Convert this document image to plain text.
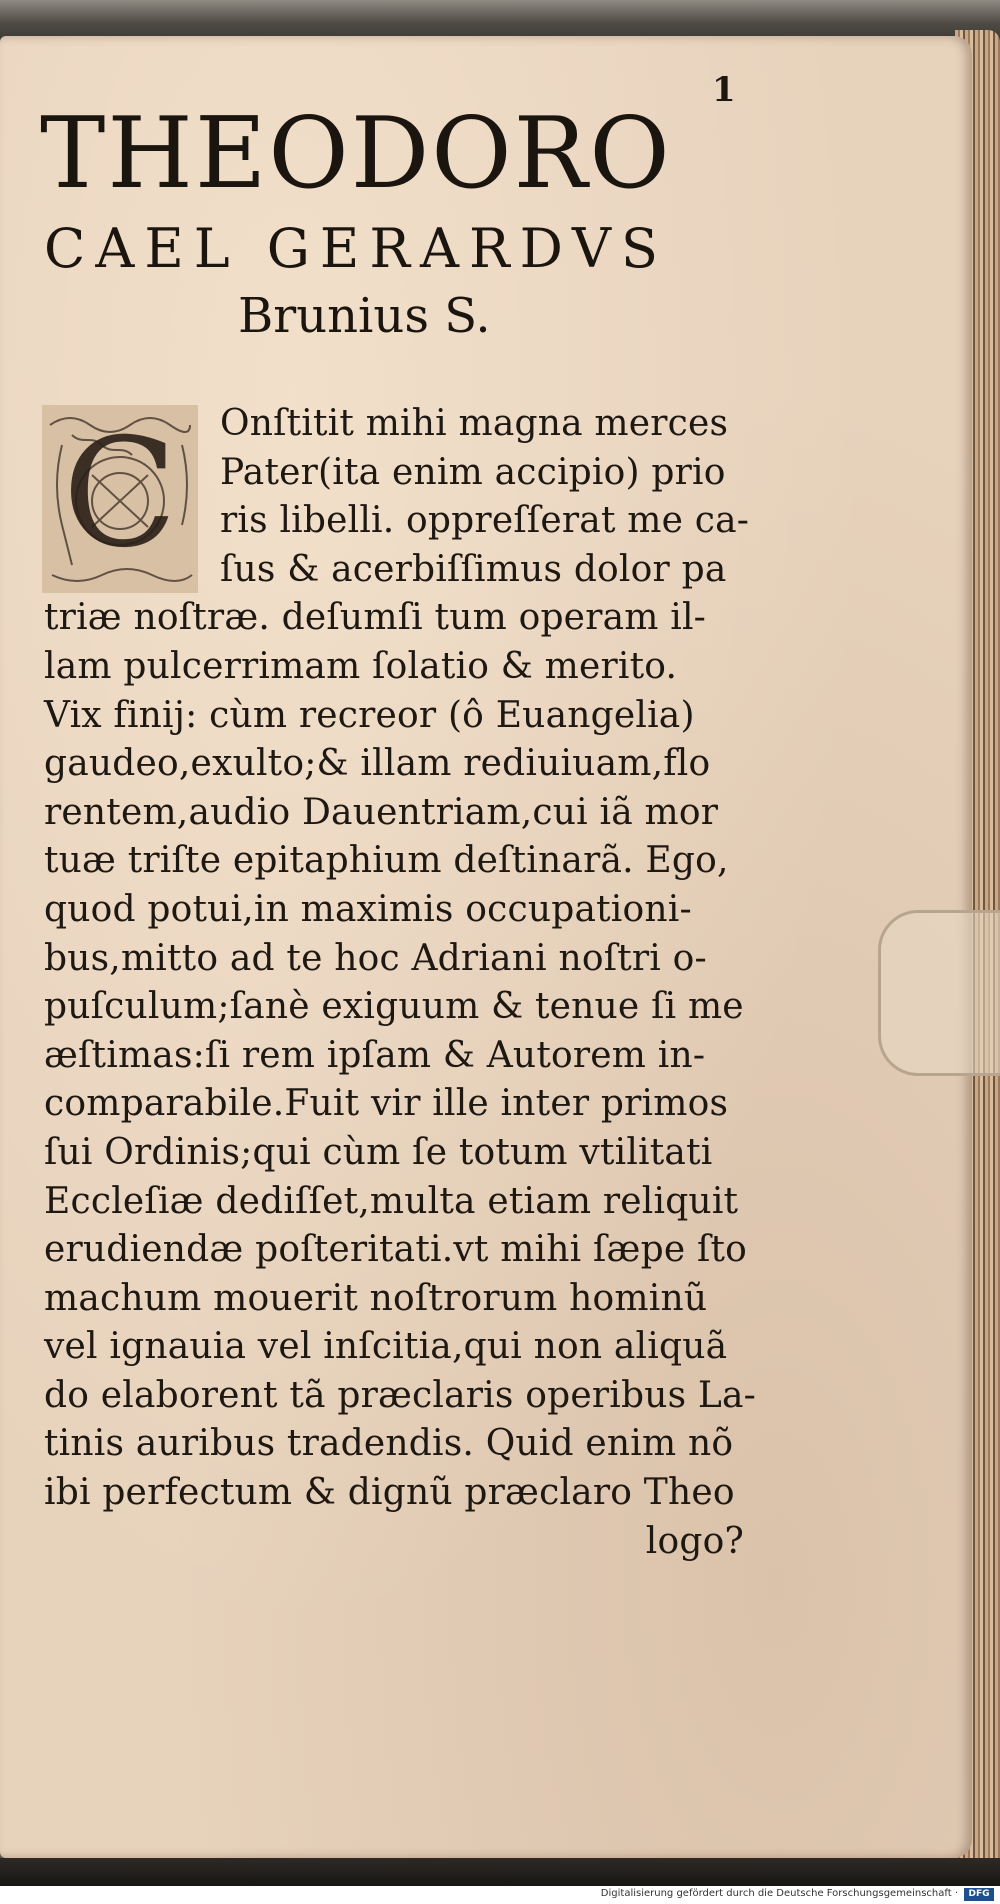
1
THEODORO
CAEL GERARDVS
Brunius S.
C	Onſtitit mihi magna merces
Pater(ita enim accipio) prio
ris libelli. oppreſſerat me ca-
ſus & acerbiſſimus dolor pa
triæ noſtræ. deſumſi tum operam il-
lam pulcerrimam ſolatio & merito.
Vix finij: cùm recreor (ô Euangelia)
gaudeo,exulto;& illam rediuiuam,flo
rentem,audio Dauentriam,cui iã mor
tuæ triſte epitaphium deſtinarã. Ego,
quod potui,in maximis occupationi-
bus,mitto ad te hoc Adriani noſtri o-
puſculum;ſanè exiguum & tenue ſi me
æſtimas:ſi rem ipſam & Autorem in-
comparabile.Fuit vir ille inter primos
ſui Ordinis;qui cùm ſe totum vtilitati
Eccleſiæ dediſſet,multa etiam reliquit
erudiendæ poſteritati.vt mihi ſæpe ſto
machum mouerit noſtrorum hominũ
vel ignauia vel inſcitia,qui non aliquã
do elaborent tã præclaris operibus La-
tinis auribus tradendis. Quid enim nõ
ibi perfectum & dignũ præclaro Theo
logo?
Digitalisierung gefördert durch die Deutsche Forschungsgemeinschaft ·	DFG
